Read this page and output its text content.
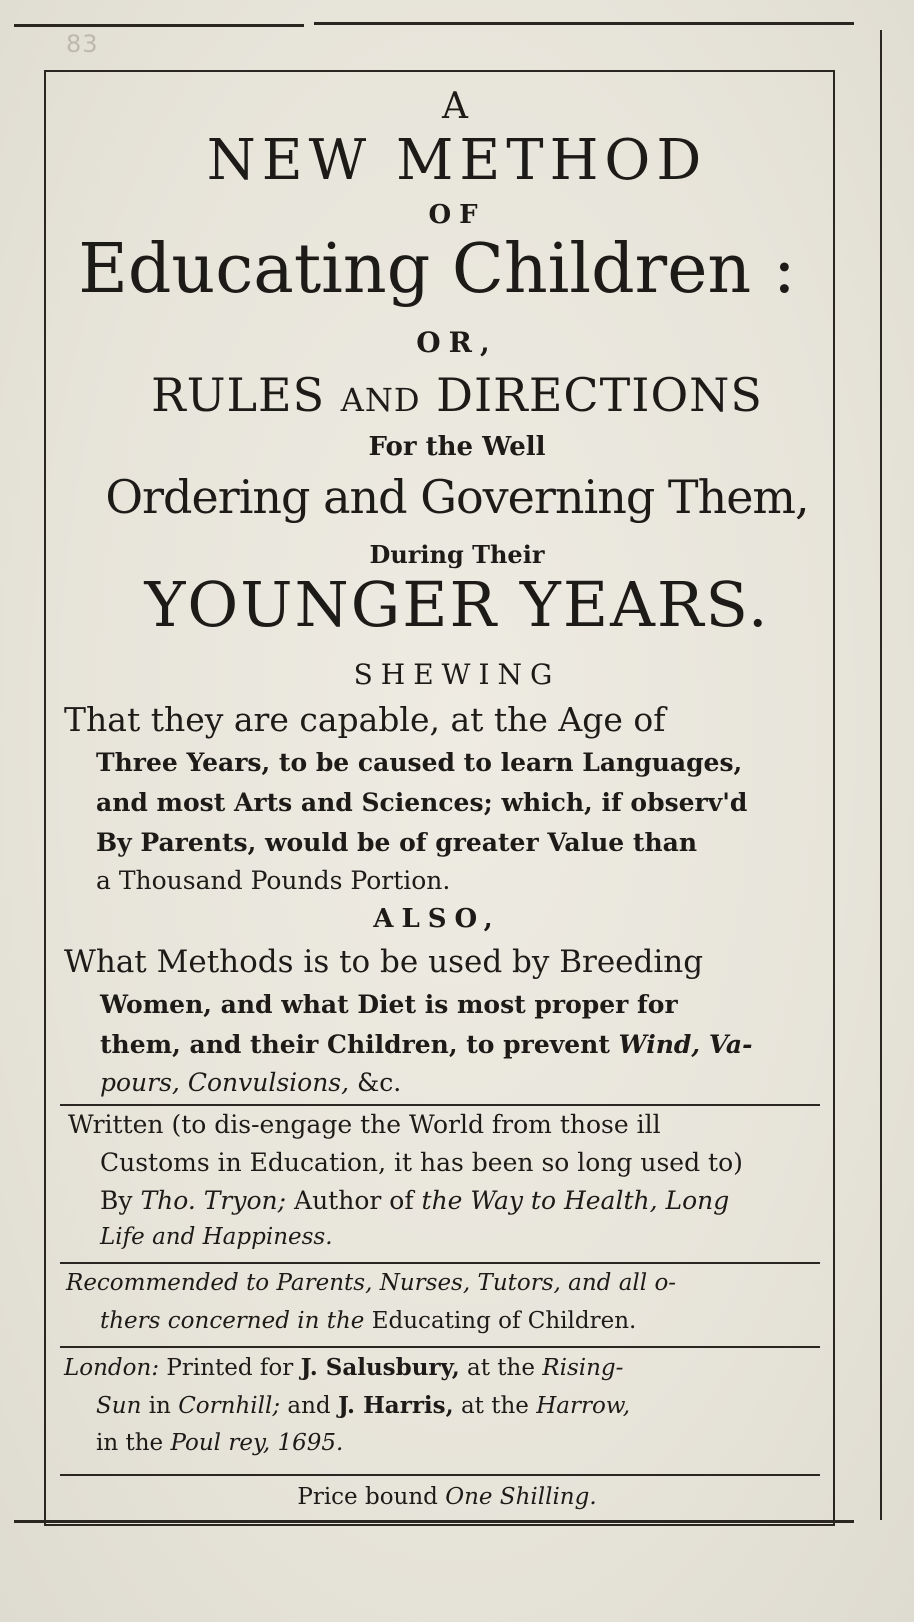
83
A
NEW METHOD
OF
Educating Children :
OR,
RULES and DIRECTIONS
For the Well
Ordering and Governing Them,
During Their
YOUNGER YEARS.
SHEWING
That they are capable, at the Age of
Three Years, to be caused to learn Languages,
and most Arts and Sciences; which, if observ'd
By Parents, would be of greater Value than
a Thousand Pounds Portion.
ALSO,
What Methods is to be used by Breeding
Women, and what Diet is most proper for
them, and their Children, to prevent Wind, Va-
pours, Convulsions, &c.
Written (to dis-engage the World from those ill
Customs in Education, it has been so long used to)
By Tho. Tryon; Author of the Way to Health, Long
Life and Happiness.
Recommended to Parents, Nurses, Tutors, and all o-
thers concerned in the Educating of Children.
London: Printed for J. Salusbury, at the Rising-
Sun in Cornhill; and J. Harris, at the Harrow,
in the Poul rey, 1695.
Price bound One Shilling.
